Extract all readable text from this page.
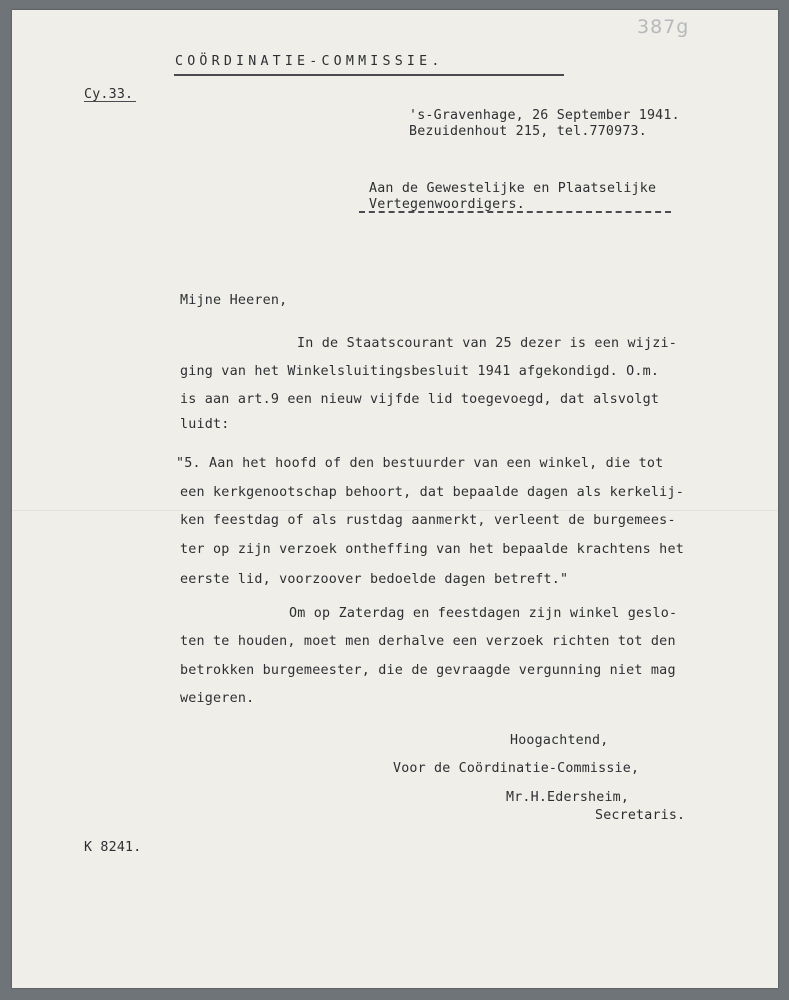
387g

COÖRDINATIE-COMMISSIE.

Cy.33.

's-Gravenhage, 26 September 1941.

Bezuidenhout 215, tel.770973.

Aan de Gewestelijke en Plaatselijke

Vertegenwoordigers.

Mijne Heeren,

In de Staatscourant van 25 dezer is een wijzi-

ging van het Winkelsluitingsbesluit 1941 afgekondigd. O.m.

is aan art.9 een nieuw vijfde lid toegevoegd, dat alsvolgt

luidt:

"5. Aan het hoofd of den bestuurder van een winkel, die tot

een kerkgenootschap behoort, dat bepaalde dagen als kerkelij-

ken feestdag of als rustdag aanmerkt, verleent de burgemees-

ter op zijn verzoek ontheffing van het bepaalde krachtens het

eerste lid, voorzoover bedoelde dagen betreft."

Om op Zaterdag en feestdagen zijn winkel geslo-

ten te houden, moet men derhalve een verzoek richten tot den

betrokken burgemeester, die de gevraagde vergunning niet mag

weigeren.

Hoogachtend,

Voor de Coördinatie-Commissie,

Mr.H.Edersheim,

Secretaris.

K 8241.
